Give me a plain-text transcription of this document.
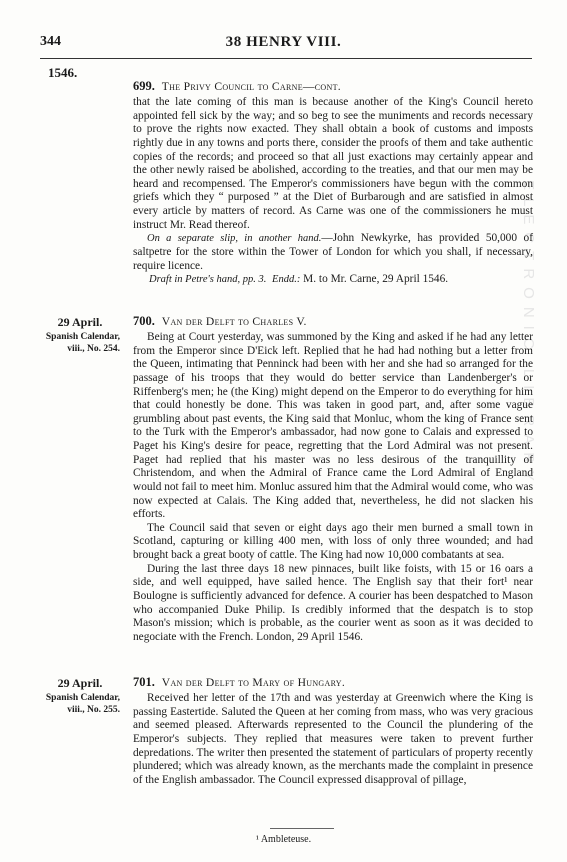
344	38 HENRY VIII.
ELECTRONIC LIBRARY
1546.
699. The Privy Council to Carne—cont.

that the late coming of this man is because another of the King's Council hereto appointed fell sick by the way; and so beg to see the muniments and records necessary to prove the rights now exacted. They shall obtain a book of customs and imposts rightly due in any towns and ports there, consider the proofs of them and take authentic copies of the records; and proceed so that all just exactions may certainly appear and the other newly raised be abolished, according to the treaties, and that our men may be heard and recompensed. The Emperor's commissioners have begun with the common griefs which they “ purposed ” at the Diet of Burbarough and are satisfied in almost every article by matters of record. As Carne was one of the commissioners he must instruct Mr. Read thereof.

On a separate slip, in another hand.—John Newkyrke, has provided 50,000 of saltpetre for the store within the Tower of London for which you shall, if necessary, require licence.

Draft in Petre's hand, pp. 3. Endd.: M. to Mr. Carne, 29 April 1546.

29 April.
Spanish Calendar, viii., No. 254.
700. Van der Delft to Charles V.

Being at Court yesterday, was summoned by the King and asked if he had any letter from the Emperor since D'Eick left. Replied that he had had nothing but a letter from the Queen, intimating that Penninck had been with her and she had so arranged for the passage of his troops that they would do better service than Landenberger's or Riffenberg's men; he (the King) might depend on the Emperor to do everything for him that could honestly be done. This was taken in good part, and, after some vague grumbling about past events, the King said that Monluc, whom the king of France sent to the Turk with the Emperor's ambassador, had now gone to Calais and expressed to Paget his King's desire for peace, regretting that the Lord Admiral was not present. Paget had replied that his master was no less desirous of the tranquillity of Christendom, and when the Admiral of France came the Lord Admiral of England would not fail to meet him. Monluc assured him that the Admiral would come, who was now expected at Calais. The King added that, nevertheless, he did not slacken his efforts.

The Council said that seven or eight days ago their men burned a small town in Scotland, capturing or killing 400 men, with loss of only three wounded; and had brought back a great booty of cattle. The King had now 10,000 combatants at sea.

During the last three days 18 new pinnaces, built like foists, with 15 or 16 oars a side, and well equipped, have sailed hence. The English say that their fort¹ near Boulogne is sufficiently advanced for defence. A courier has been despatched to Mason who accompanied Duke Philip. Is credibly informed that the despatch is to stop Mason's mission; which is probable, as the courier went as soon as it was decided to negociate with the French. London, 29 April 1546.

29 April.
Spanish Calendar, viii., No. 255.
701. Van der Delft to Mary of Hungary.

Received her letter of the 17th and was yesterday at Greenwich where the King is passing Eastertide. Saluted the Queen at her coming from mass, who was very gracious and seemed pleased. Afterwards represented to the Council the plundering of the Emperor's subjects. They replied that measures were taken to prevent further depredations. The writer then presented the statement of particulars of property recently plundered; which was already known, as the merchants made the complaint in presence of the English ambassador. The Council expressed disapproval of pillage,

¹ Ambleteuse.
